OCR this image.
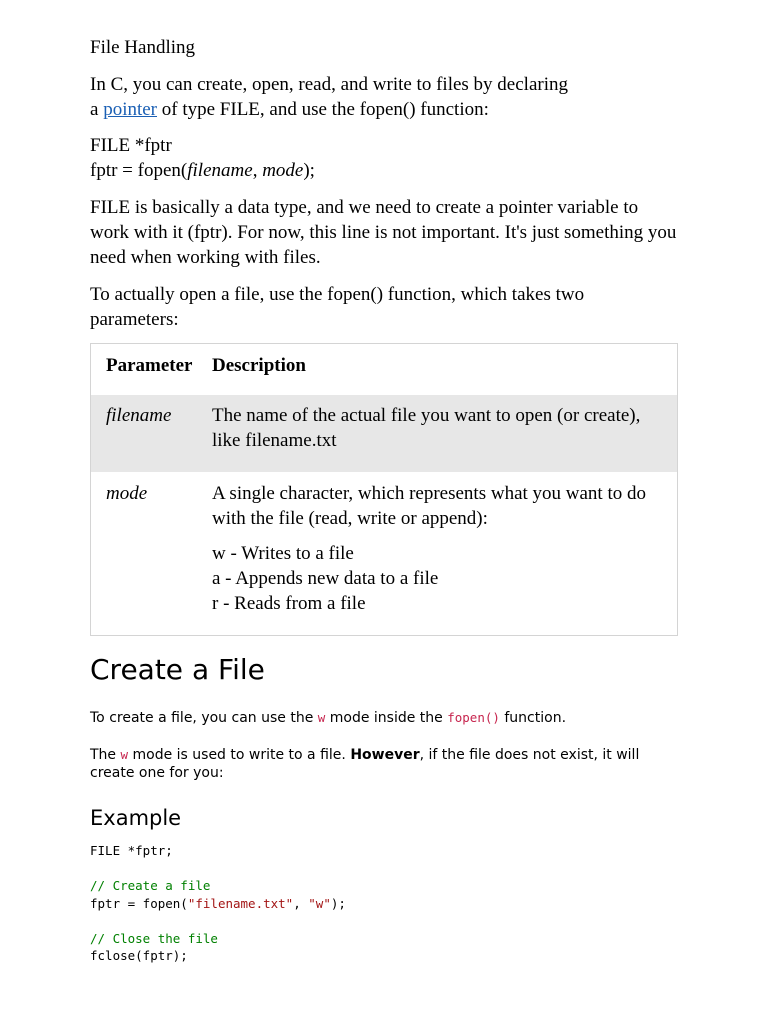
File Handling

In C, you can create, open, read, and write to files by declaring
a pointer of type FILE, and use the fopen() function:

FILE *fptr
fptr = fopen(filename, mode);

FILE is basically a data type, and we need to create a pointer variable to work with it (fptr). For now, this line is not important. It's just something you need when working with files.

To actually open a file, use the fopen() function, which takes two parameters:

Parameter	Description
filename	The name of the actual file you want to open (or create), like filename.txt
mode	A single character, which represents what you want to do with the file (read, write or append):
w - Writes to a file
a - Appends new data to a file
r - Reads from a file
Create a File

To create a file, you can use the w mode inside the fopen() function.

The w mode is used to write to a file. However, if the file does not exist, it will create one for you:

Example
FILE *fptr;

// Create a file
fptr = fopen("filename.txt", "w");

// Close the file
fclose(fptr);
